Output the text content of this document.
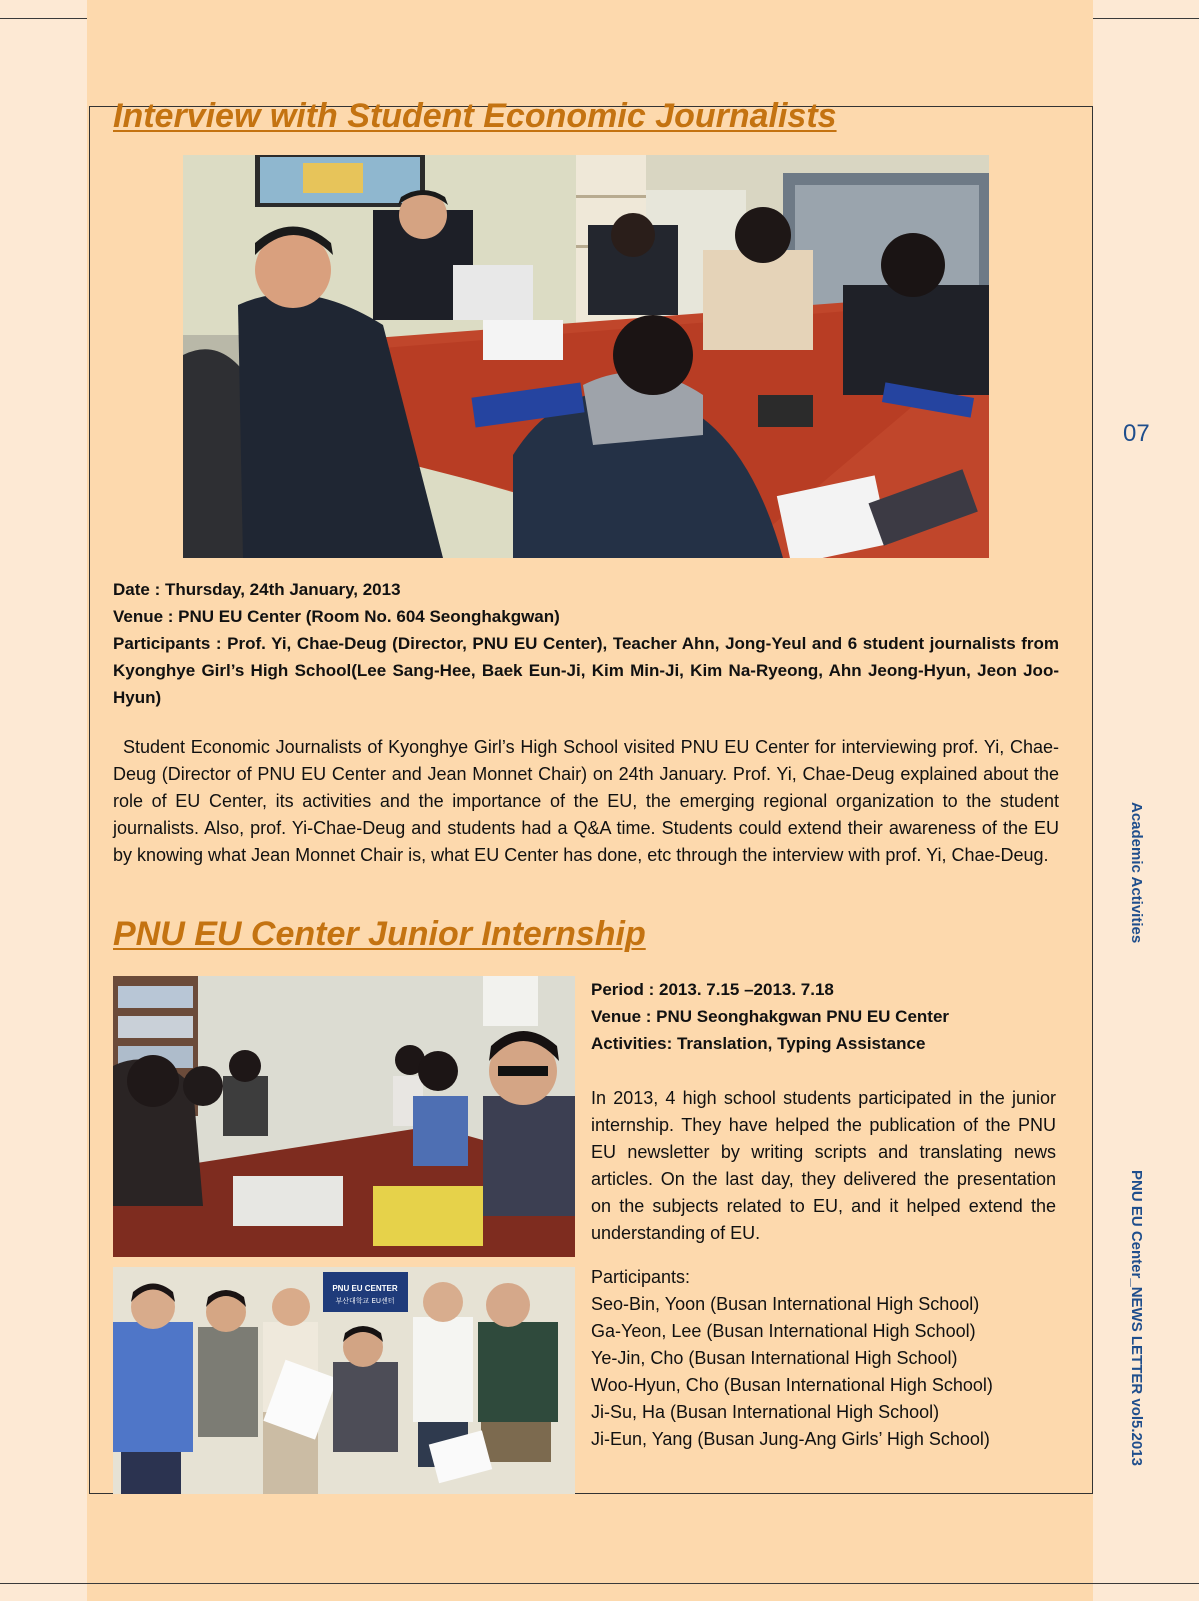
Interview with Student Economic Journalists
Date : Thursday, 24th January, 2013
Venue : PNU EU Center (Room No. 604 Seonghakgwan)
Participants : Prof. Yi, Chae-Deug (Director, PNU EU Center), Teacher Ahn, Jong-Yeul and 6 student journalists from Kyonghye Girl’s High School(Lee Sang-Hee, Baek Eun-Ji, Kim Min-Ji, Kim Na-Ryeong, Ahn Jeong-Hyun, Jeon Joo-Hyun)

Student Economic Journalists of Kyonghye Girl’s High School visited PNU EU Center for interviewing prof. Yi, Chae-Deug (Director of PNU EU Center and Jean Monnet Chair) on 24th January. Prof. Yi, Chae-Deug explained about the role of EU Center, its activities and the importance of the EU, the emerging regional organization to the student journalists. Also, prof. Yi-Chae-Deug and students had a Q&A time. Students could extend their awareness of the EU by knowing what Jean Monnet Chair is, what EU Center has done, etc through the interview with prof. Yi, Chae-Deug.

PNU EU Center Junior Internship
PNU EU CENTER
부산대학교 EU센터
Period : 2013. 7.15 –2013. 7.18
Venue : PNU Seonghakgwan PNU EU Center
Activities: Translation, Typing Assistance

In 2013, 4 high school students participated in the junior internship. They have helped the publication of the PNU EU newsletter by writing scripts and translating news articles. On the last day, they delivered the presentation on the subjects related to EU, and it helped extend the understanding of EU.

Participants:
Seo-Bin, Yoon (Busan International High School)
Ga-Yeon, Lee (Busan International High School)
Ye-Jin, Cho (Busan International High School)
Woo-Hyun, Cho (Busan International High School)
Ji-Su, Ha (Busan International High School)
Ji-Eun, Yang (Busan Jung-Ang Girls’ High School)
07
Academic Activities
PNU EU Center_NEWS LETTER vol5.2013
